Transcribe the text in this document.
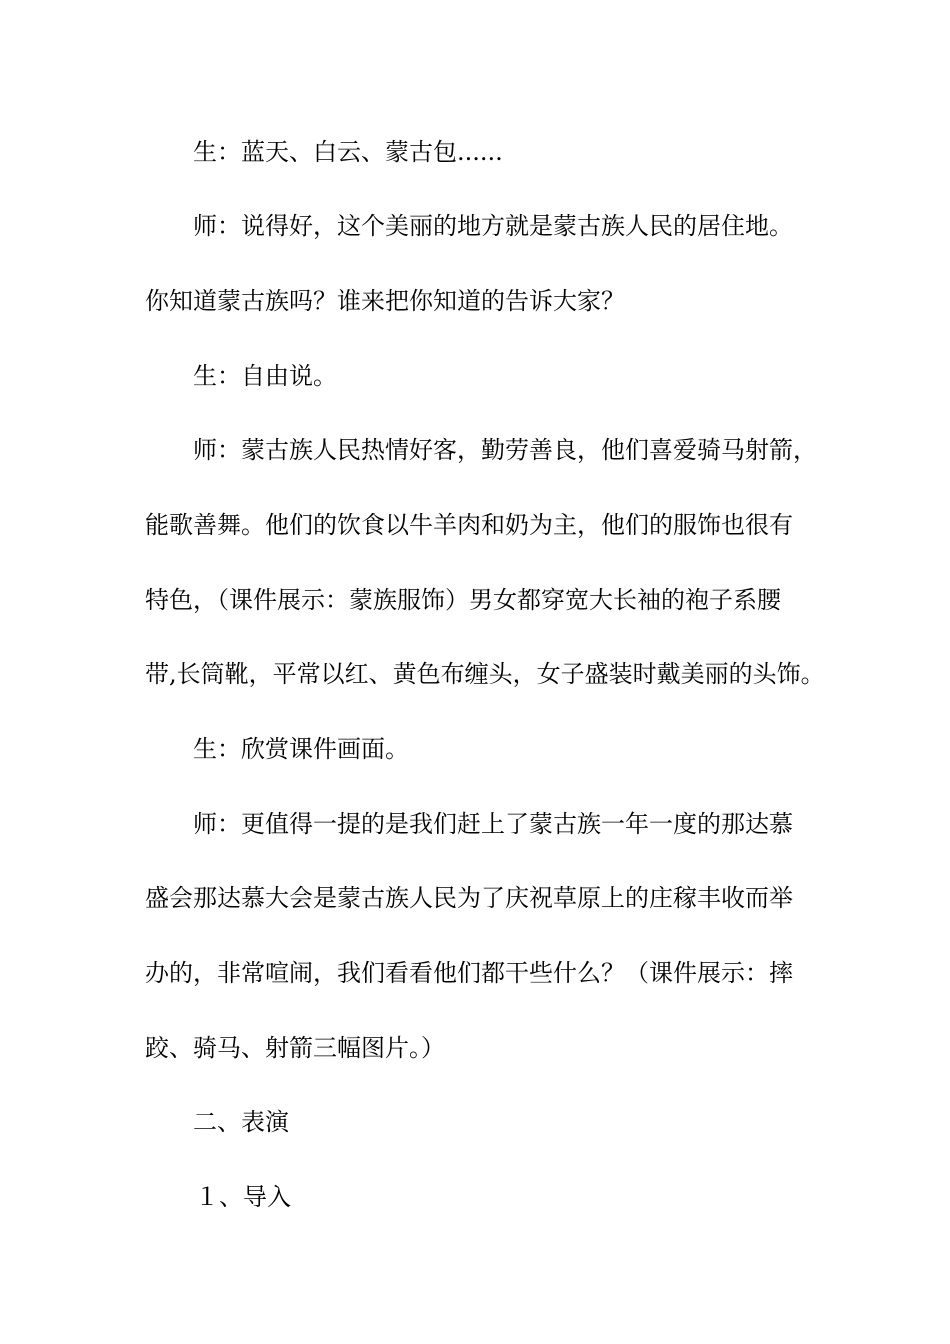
生：蓝天、白云、蒙古包......
师：说得好，这个美丽的地方就是蒙古族人民的居住地。
你知道蒙古族吗？谁来把你知道的告诉大家？
生：自由说。
师：蒙古族人民热情好客，勤劳善良，他们喜爱骑马射箭，
能歌善舞。他们的饮食以牛羊肉和奶为主，他们的服饰也很有
特色，（课件展示：蒙族服饰）男女都穿宽大长袖的袍子系腰
带,长筒靴，平常以红、黄色布缠头，女子盛装时戴美丽的头饰。
生：欣赏课件画面。
师：更值得一提的是我们赶上了蒙古族一年一度的那达慕
盛会那达慕大会是蒙古族人民为了庆祝草原上的庄稼丰收而举
办的，非常喧闹，我们看看他们都干些什么？（课件展示：摔
跤、骑马、射箭三幅图片。）
二、表演
１、导入
